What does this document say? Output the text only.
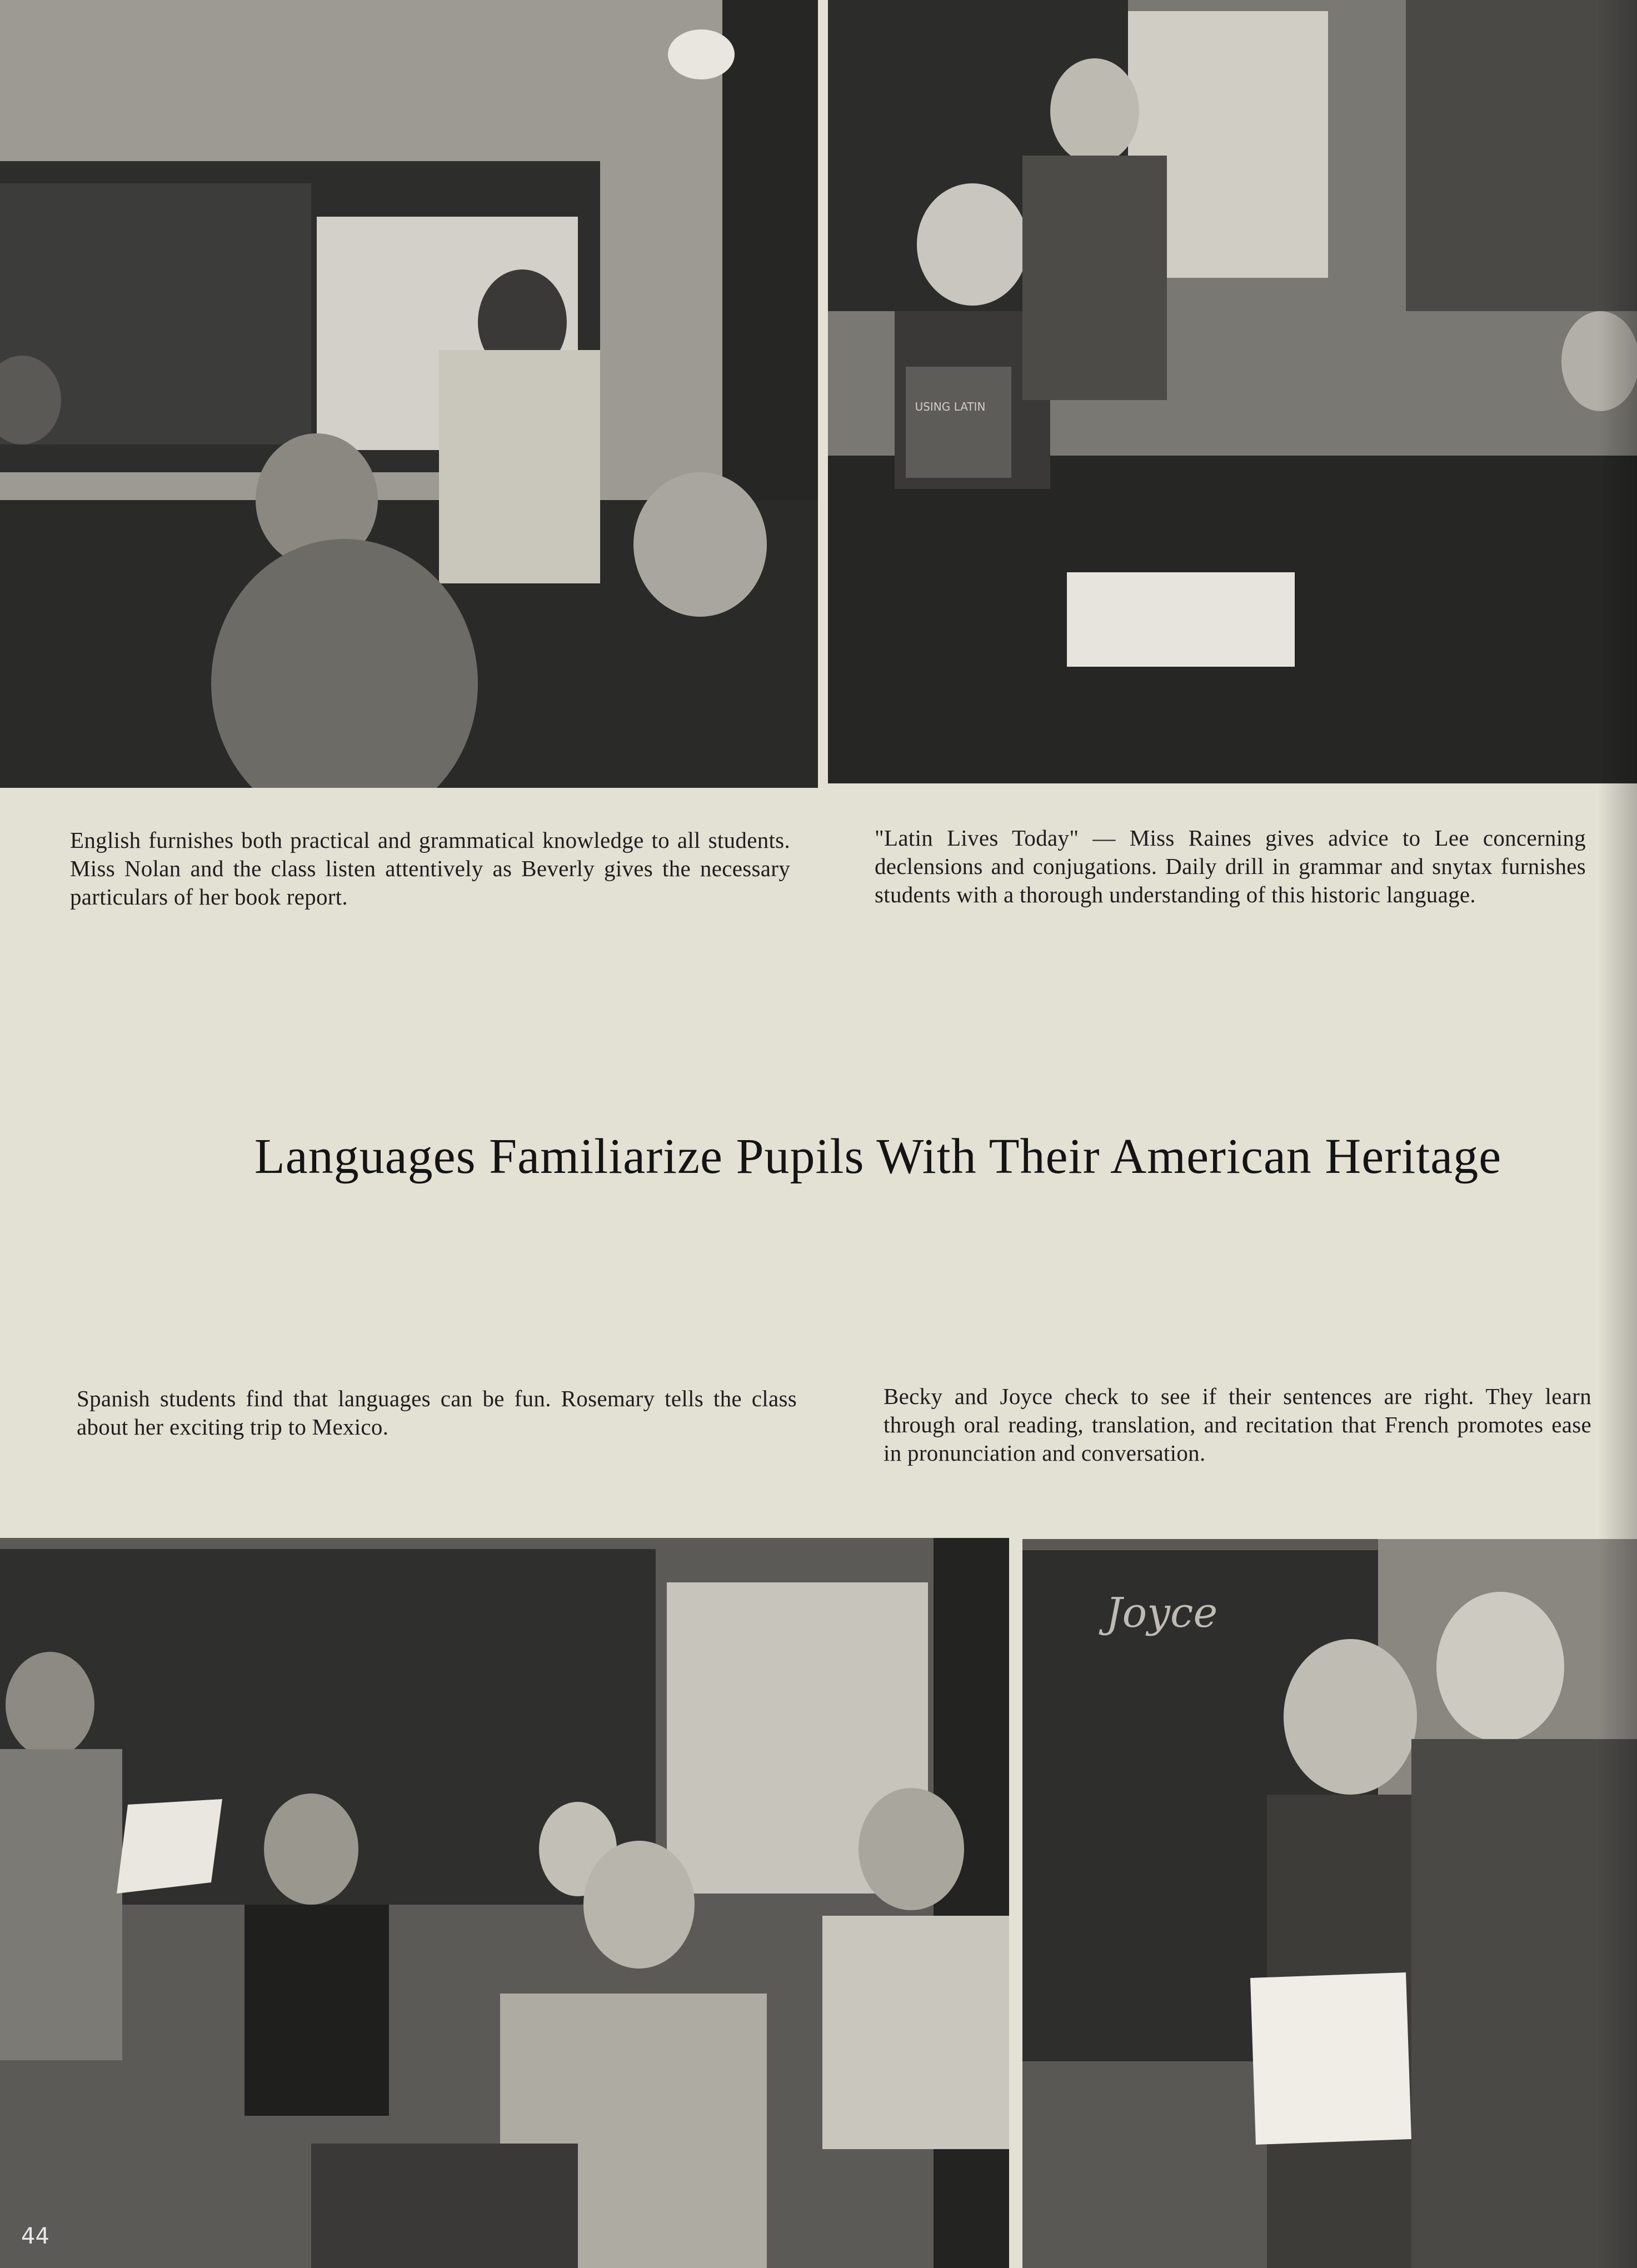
USING LATIN
English furnishes both practical and grammatical knowledge to all students. Miss Nolan and the class listen attentively as Beverly gives the necessary particulars of her book report.
"Latin Lives Today" — Miss Raines gives advice to Lee concerning declensions and conjugations. Daily drill in grammar and snytax furnishes students with a thorough understanding of this historic language.
Languages Familiarize Pupils With Their American Heritage
Spanish students find that languages can be fun. Rosemary tells the class about her exciting trip to Mexico.
Becky and Joyce check to see if their sentences are right. They learn through oral reading, translation, and recitation that French promotes ease in pronunciation and conversation.
Joyce
44
